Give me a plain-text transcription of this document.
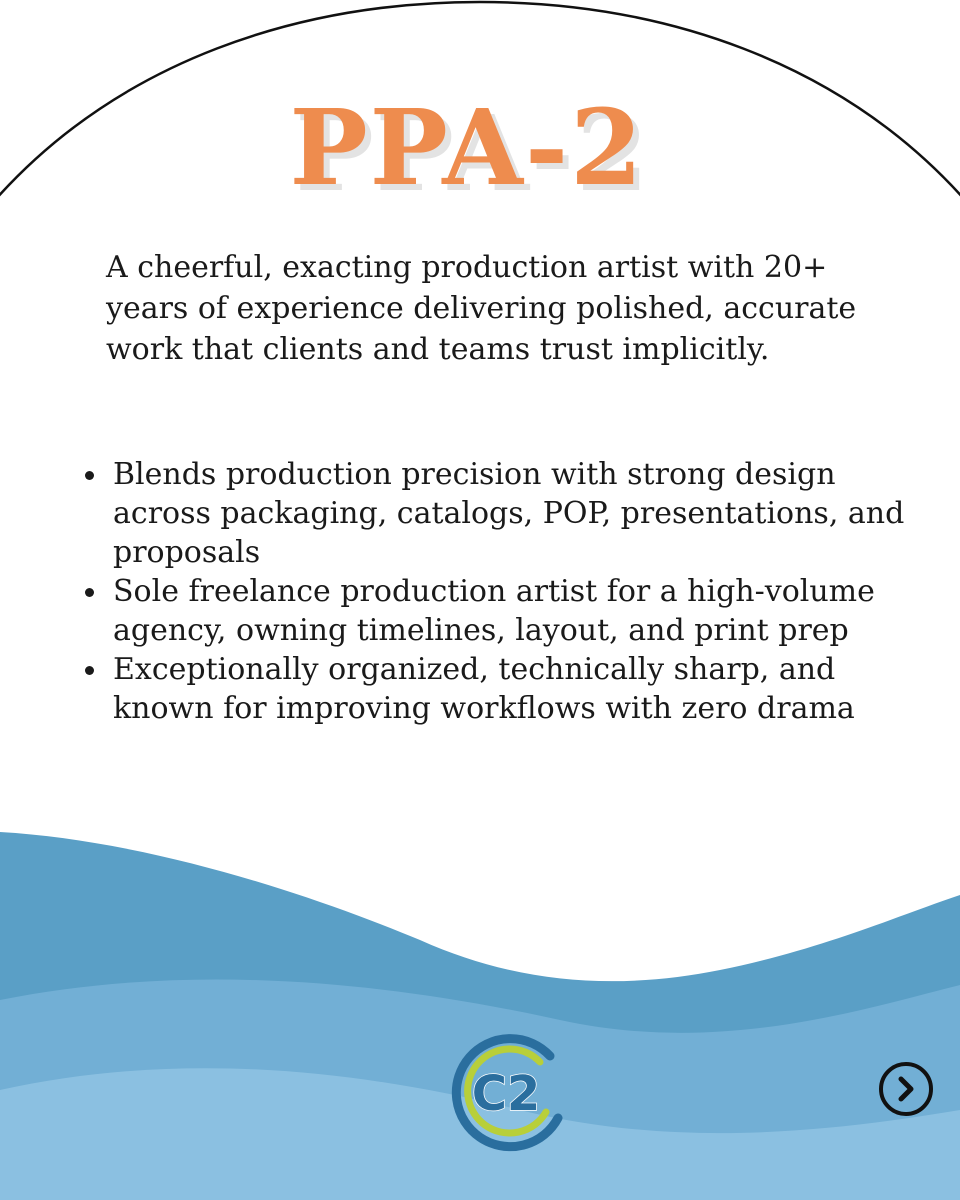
PPA-2

A cheerful, exacting production artist with 20+ years of experience delivering polished, accurate work that clients and teams trust implicitly.

Blends production precision with strong design across packaging, catalogs, POP, presentations, and proposals
Sole freelance production artist for a high-volume agency, owning timelines, layout, and print prep
Exceptionally organized, technically sharp, and known for improving workflows with zero drama
C2
